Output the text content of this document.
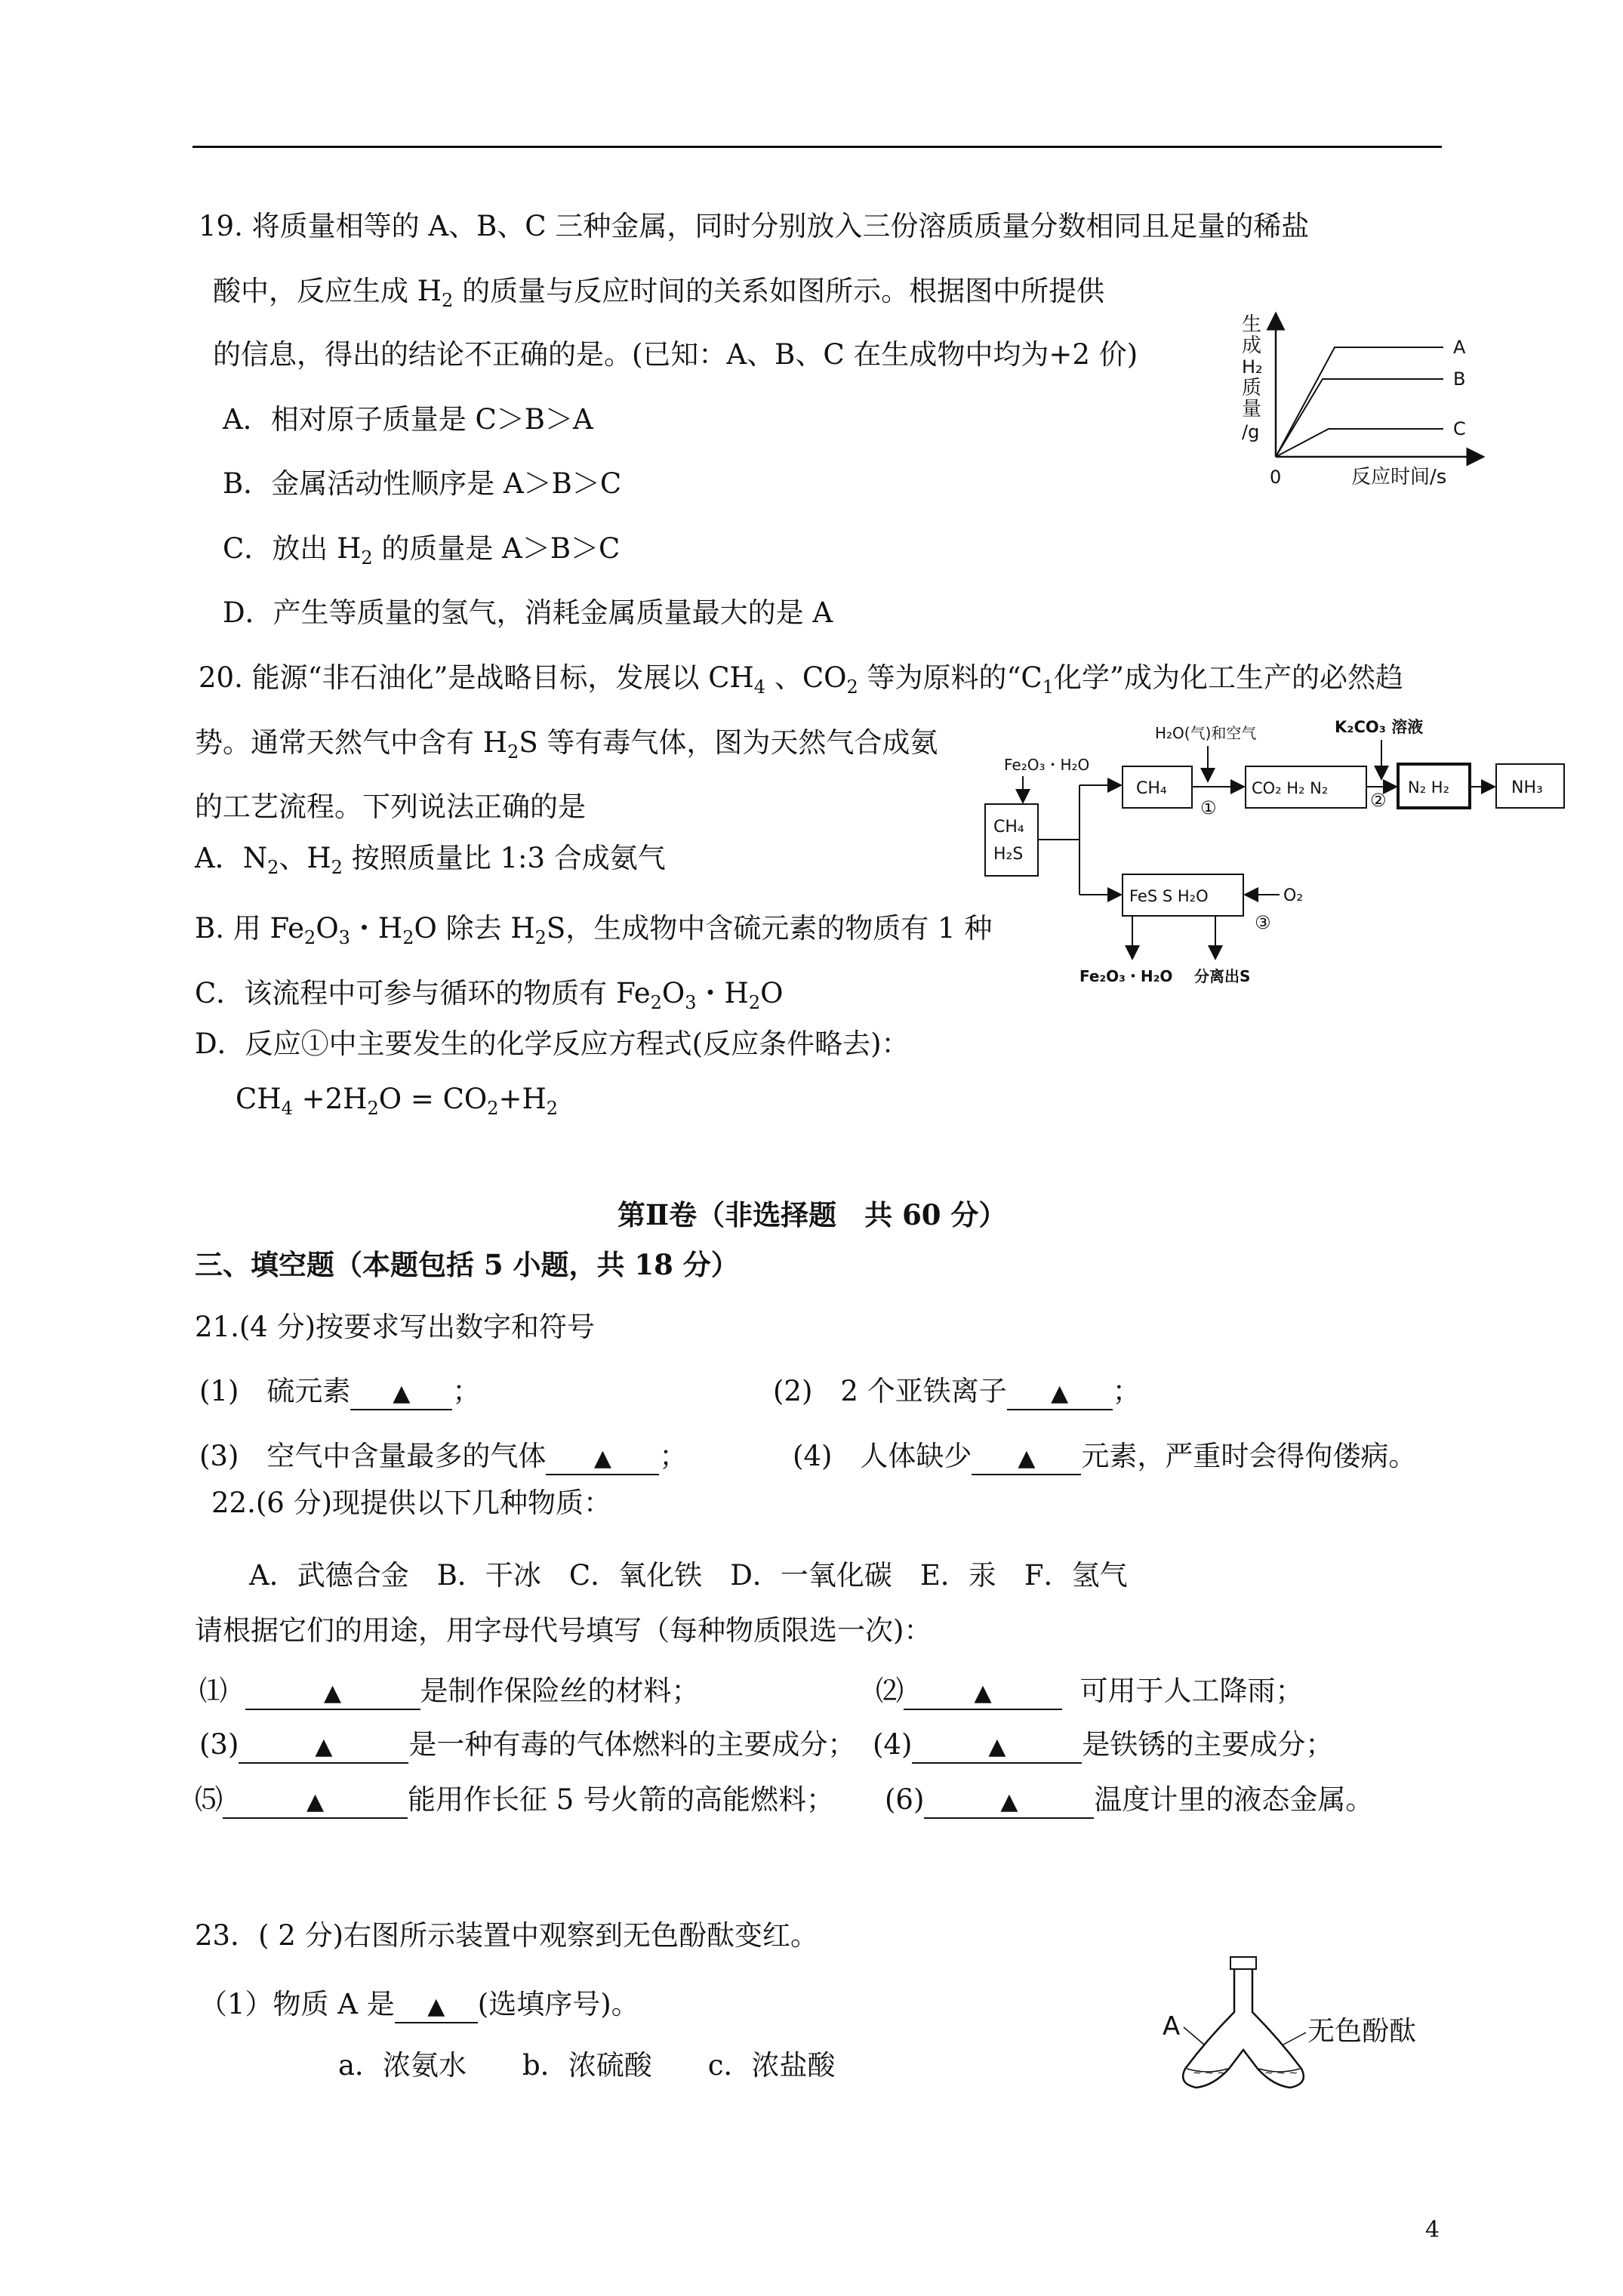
19. 将质量相等的 A、B、C 三种金属，同时分别放入三份溶质质量分数相同且足量的稀盐
酸中，反应生成 $H_2$ 的质量与反应时间的关系如图所示。根据图中所提供
的信息，得出的结论不正确的是。(已知：A、B、C 在生成物中均为+2 价)
A．相对原子质量是 C＞B＞A
B．金属活动性顺序是 A＞B＞C
C．放出 $H_2$ 的质量是 A＞B＞C
D．产生等质量的氢气，消耗金属质量最大的是 A
生
成
H₂
质
量
/g
0	反应时间/s
A
B
C
20. 能源“非石油化”是战略目标，发展以 $CH_4$ 、$CO_2$ 等为原料的“$C_1$化学”成为化工生产的必然趋
势。通常天然气中含有 $H_2S$ 等有毒气体，图为天然气合成氨
的工艺流程。下列说法正确的是
A．$N_2$、$H_2$ 按照质量比 1:3 合成氨气
B. 用 $Fe_2O_3$・$H_2O$ 除去 $H_2S$，生成物中含硫元素的物质有 1 种
C．该流程中可参与循环的物质有 $Fe_2O_3$・$H_2O$
D．反应①中主要发生的化学反应方程式(反应条件略去)：
$CH_4 +2H_2O = CO_2+H_2$
CH₄
H₂S
Fe₂O₃・H₂O
CH₄
H₂O(气)和空气
①
CO₂ H₂ N₂
K₂CO₃ 溶液
②
N₂ H₂	NH₃
FeS S H₂O	O₂
③
Fe₂O₃・H₂O 分离出S
第Ⅱ卷（非选择题　共 60 分）
三、填空题（本题包括 5 小题，共 18 分）
21.(4 分)按要求写出数字和符号
(1)　硫元素 ▲ ；	(2)　2 个亚铁离子 ▲ ；
(3)　空气中含量最多的气体 ▲ ；	(4)　人体缺少 ▲ 元素，严重时会得佝偻病。
22.(6 分)现提供以下几种物质：
A．武德合金　B．干冰　C．氧化铁　D．一氧化碳　E．汞　F．氢气
请根据它们的用途，用字母代号填写（每种物质限选一次)：
⑴	▲	是制作保险丝的材料；	⑵	▲	可用于人工降雨；
(3)	▲	是一种有毒的气体燃料的主要成分； (4)	▲	是铁锈的主要成分；
⑸	▲	能用作长征 5 号火箭的高能燃料； (6)	▲	温度计里的液态金属。
23．( 2 分)右图所示装置中观察到无色酚酞变红。
（1）物质 A 是 ▲ (选填序号)。
a．浓氨水　　b．浓硫酸　　c．浓盐酸	~ ~ ~	~ ~ ~
A	无色酚酞
4
